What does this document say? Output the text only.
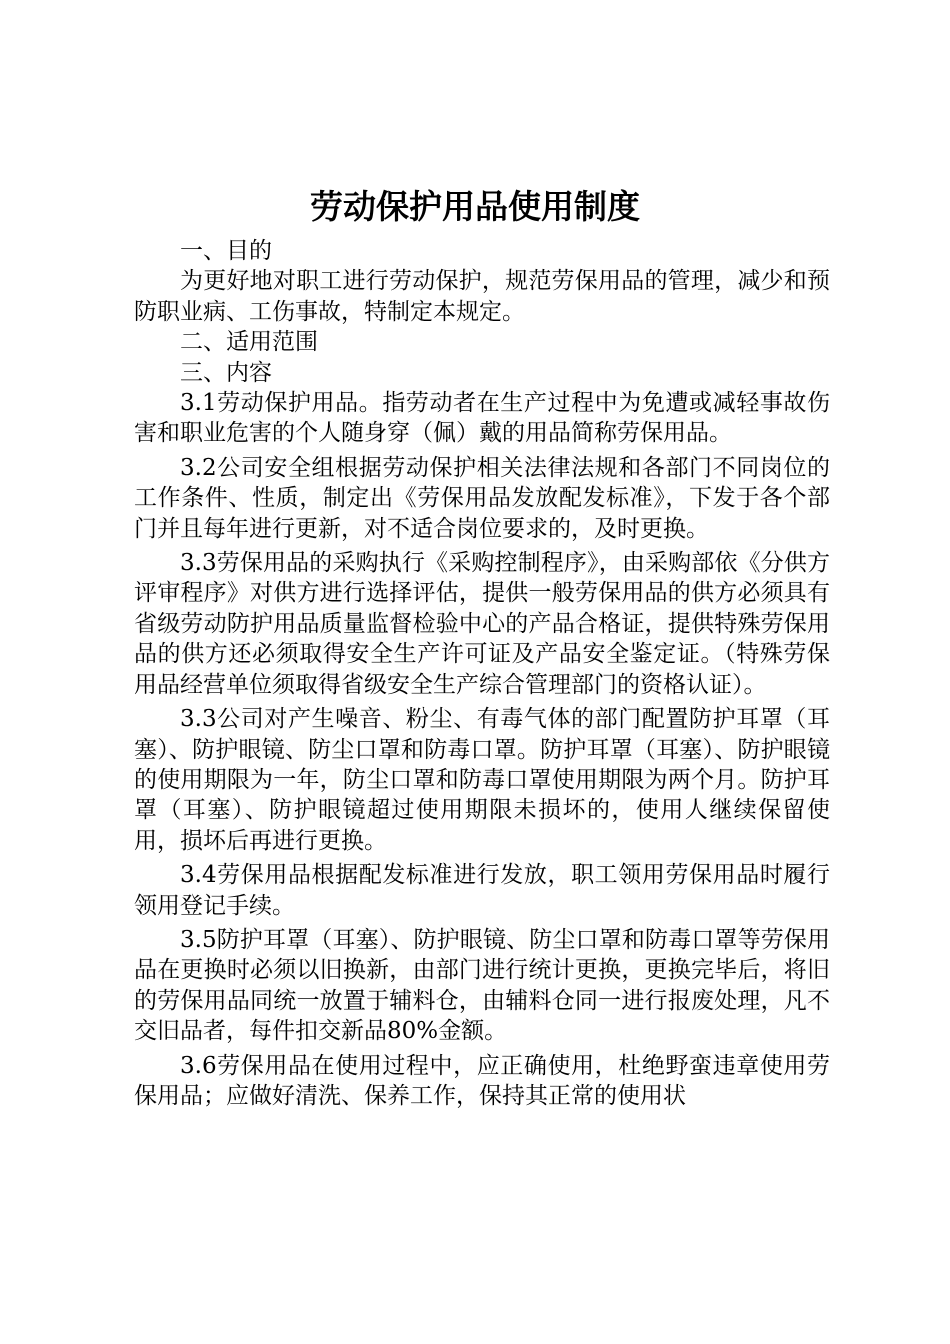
劳动保护用品使用制度

一、目的

为更好地对职工进行劳动保护，规范劳保用品的管理，减少和预防职业病、工伤事故，特制定本规定。

二、适用范围

三、内容

3.1劳动保护用品。指劳动者在生产过程中为免遭或减轻事故伤害和职业危害的个人随身穿（佩）戴的用品简称劳保用品。

3.2公司安全组根据劳动保护相关法律法规和各部门不同岗位的工作条件、性质，制定出《劳保用品发放配发标准》，下发于各个部门并且每年进行更新，对不适合岗位要求的，及时更换。

3.3劳保用品的采购执行《采购控制程序》，由采购部依《分供方评审程序》对供方进行选择评估，提供一般劳保用品的供方必须具有省级劳动防护用品质量监督检验中心的产品合格证，提供特殊劳保用品的供方还必须取得安全生产许可证及产品安全鉴定证。（特殊劳保用品经营单位须取得省级安全生产综合管理部门的资格认证）。

3.3公司对产生噪音、粉尘、有毒气体的部门配置防护耳罩（耳塞）、防护眼镜、防尘口罩和防毒口罩。防护耳罩（耳塞）、防护眼镜的使用期限为一年，防尘口罩和防毒口罩使用期限为两个月。防护耳罩（耳塞）、防护眼镜超过使用期限未损坏的，使用人继续保留使用，损坏后再进行更换。

3.4劳保用品根据配发标准进行发放，职工领用劳保用品时履行领用登记手续。

3.5防护耳罩（耳塞）、防护眼镜、防尘口罩和防毒口罩等劳保用品在更换时必须以旧换新，由部门进行统计更换，更换完毕后，将旧的劳保用品同统一放置于辅料仓，由辅料仓同一进行报废处理，凡不交旧品者，每件扣交新品80%金额。

3.6劳保用品在使用过程中，应正确使用，杜绝野蛮违章使用劳保用品；应做好清洗、保养工作，保持其正常的使用状
